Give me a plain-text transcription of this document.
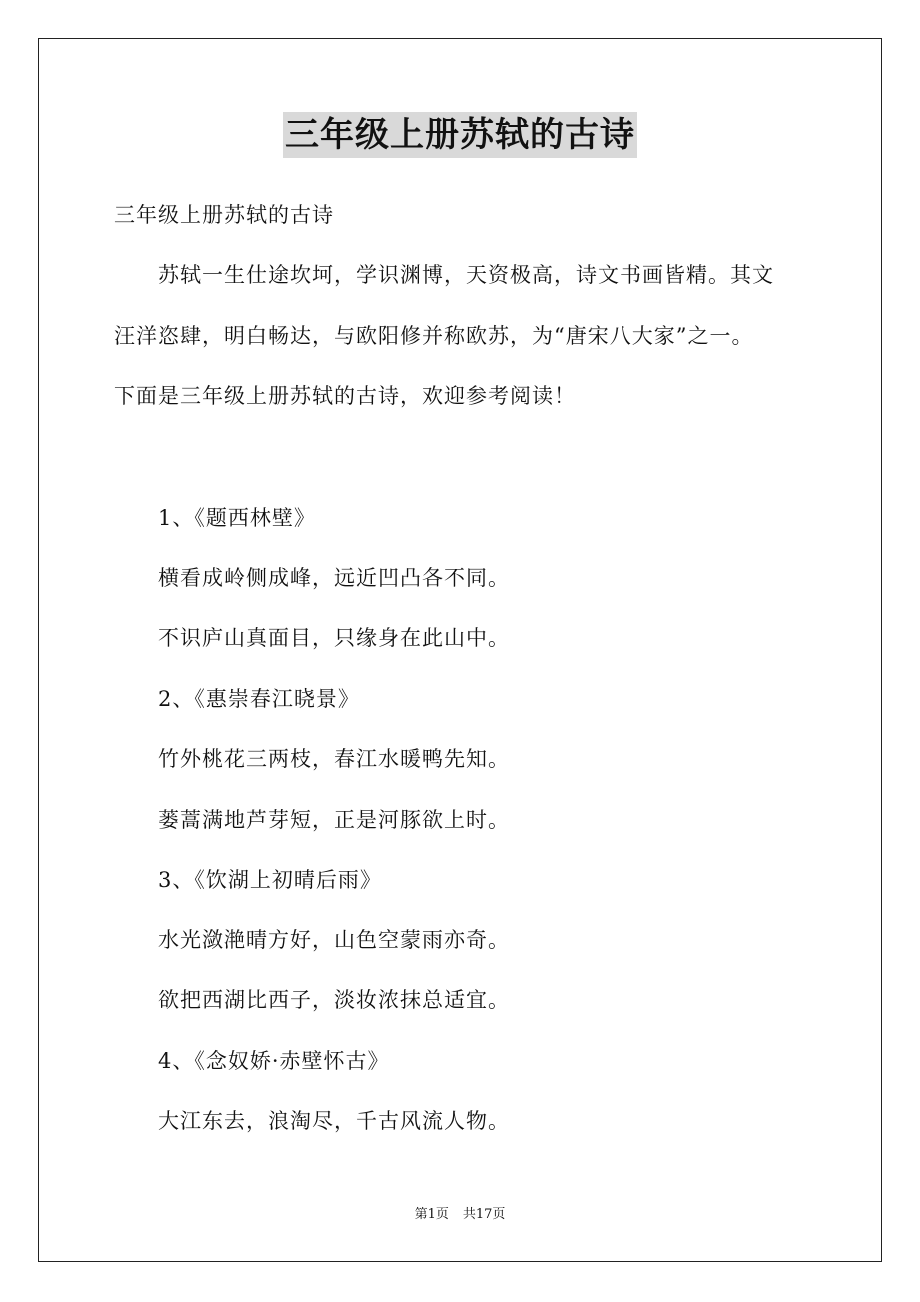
三年级上册苏轼的古诗
三年级上册苏轼的古诗
苏轼一生仕途坎坷，学识渊博，天资极高，诗文书画皆精。其文
汪洋恣肆，明白畅达，与欧阳修并称欧苏，为“唐宋八大家”之一。
下面是三年级上册苏轼的古诗，欢迎参考阅读！
1、《题西林壁》
横看成岭侧成峰，远近凹凸各不同。
不识庐山真面目，只缘身在此山中。
2、《惠崇春江晓景》
竹外桃花三两枝，春江水暖鸭先知。
蒌蒿满地芦芽短，正是河豚欲上时。
3、《饮湖上初晴后雨》
水光潋滟晴方好，山色空蒙雨亦奇。
欲把西湖比西子，淡妆浓抹总适宜。
4、《念奴娇·赤壁怀古》
大江东去，浪淘尽，千古风流人物。
第1页 共17页
